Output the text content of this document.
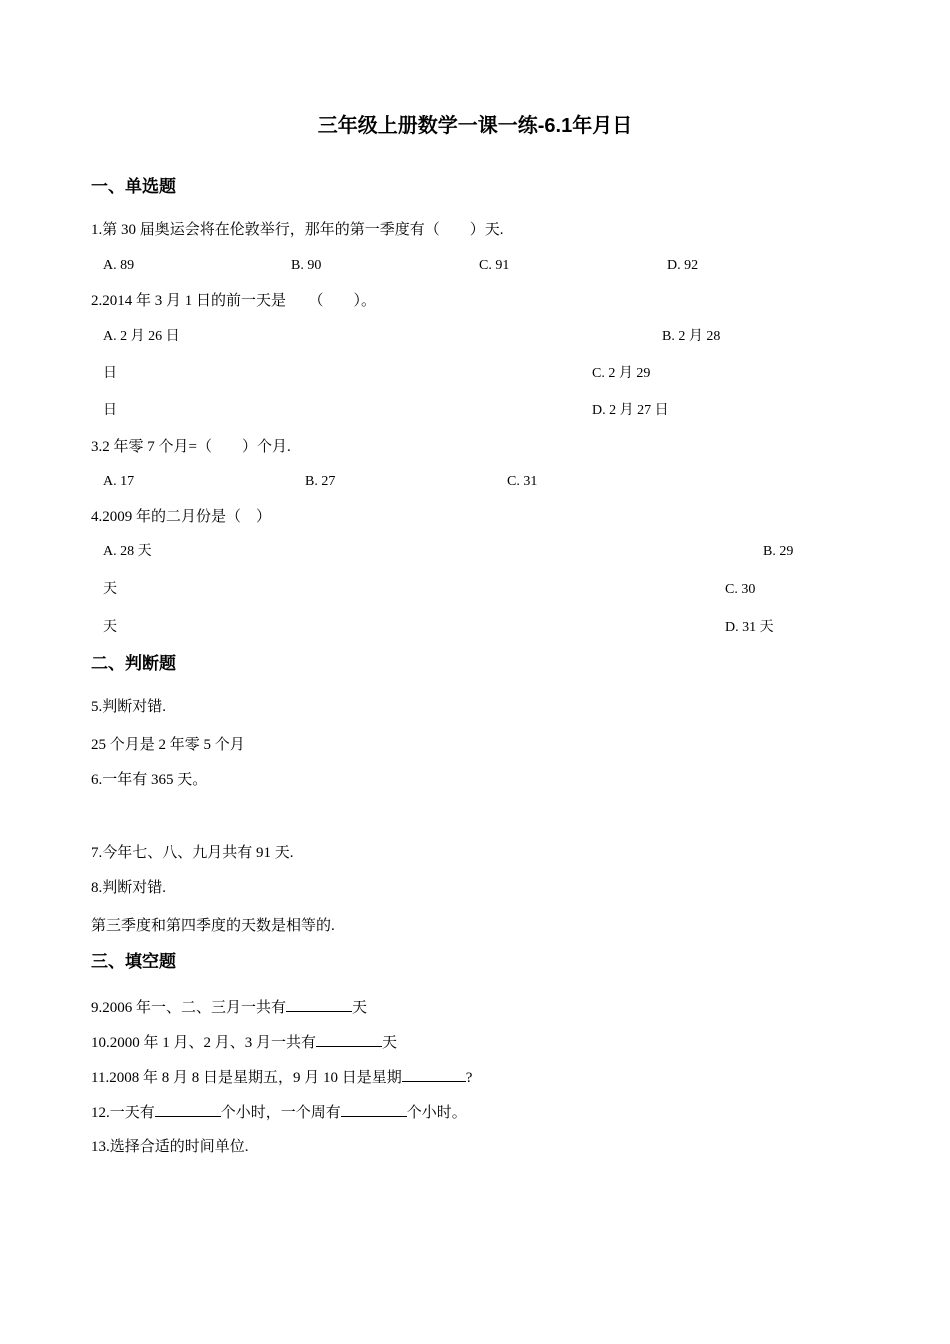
三年级上册数学一课一练-6.1年月日
一、单选题
1.第 30 届奥运会将在伦敦举行，那年的第一季度有（　　）天.
A. 89	B. 90	C. 91	D. 92
2.2014 年 3 月 1 日的前一天是　　（　　）。
A. 2 月 26 日	B. 2 月 28
日	C. 2 月 29
日	D. 2 月 27 日
3.2 年零 7 个月=（　　）个月.
A. 17	B. 27	C. 31
4.2009 年的二月份是（　）
A. 28 天	B. 29
天	C. 30
天	D. 31 天
二、判断题
5.判断对错.
25 个月是 2 年零 5 个月
6.一年有 365 天。
7.今年七、八、九月共有 91 天.
8.判断对错.
第三季度和第四季度的天数是相等的.
三、填空题
9.2006 年一、二、三月一共有	天
10.2000 年 1 月、2 月、3 月一共有	天
11.2008 年 8 月 8 日是星期五，9 月 10 日是星期	?
12.一天有	个小时，一个周有	个小时。
13.选择合适的时间单位.
